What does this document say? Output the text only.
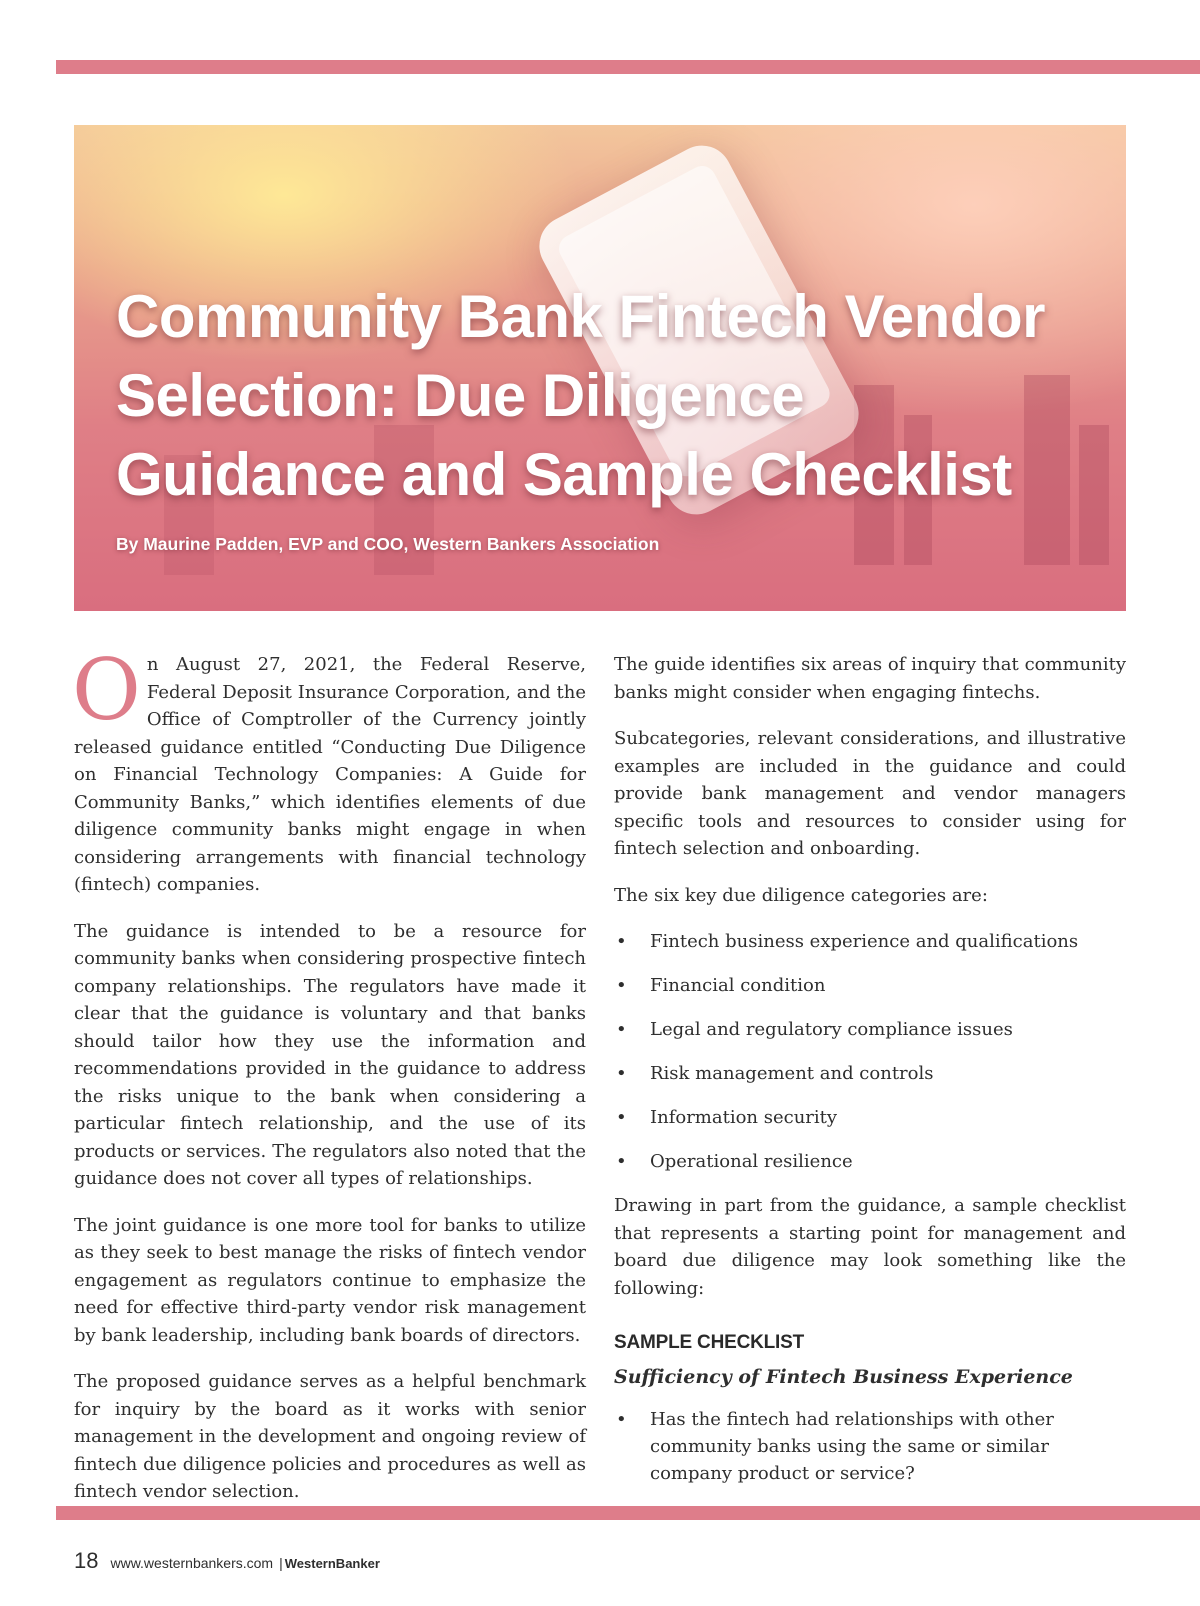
Community Bank Fintech Vendor Selection: Due Diligence Guidance and Sample Checklist

By Maurine Padden, EVP and COO, Western Bankers Association

On August 27, 2021, the Federal Reserve, Federal Deposit Insurance Corporation, and the Office of Comptroller of the Currency jointly released guidance entitled “Conducting Due Diligence on Financial Technology Companies: A Guide for Community Banks,” which identifies elements of due diligence community banks might engage in when considering arrangements with financial technology (fintech) companies.

The guidance is intended to be a resource for community banks when considering prospective fintech company relationships. The regulators have made it clear that the guidance is voluntary and that banks should tailor how they use the information and recommendations provided in the guidance to address the risks unique to the bank when considering a particular fintech relationship, and the use of its products or services. The regulators also noted that the guidance does not cover all types of relationships.

The joint guidance is one more tool for banks to utilize as they seek to best manage the risks of fintech vendor engagement as regulators continue to emphasize the need for effective third-party vendor risk management by bank leadership, including bank boards of directors.

The proposed guidance serves as a helpful benchmark for inquiry by the board as it works with senior management in the development and ongoing review of fintech due diligence policies and procedures as well as fintech vendor selection.

The guide identifies six areas of inquiry that community banks might consider when engaging fintechs.

Subcategories, relevant considerations, and illustrative examples are included in the guidance and could provide bank management and vendor managers specific tools and resources to consider using for fintech selection and onboarding.

The six key due diligence categories are:

• Fintech business experience and qualifications
• Financial condition
• Legal and regulatory compliance issues
• Risk management and controls
• Information security
• Operational resilience

Drawing in part from the guidance, a sample checklist that represents a starting point for management and board due diligence may look something like the following:

SAMPLE CHECKLIST
Sufficiency of Fintech Business Experience
• Has the fintech had relationships with other community banks using the same or similar company product or service?
18 www.westernbankers.com | WesternBanker
